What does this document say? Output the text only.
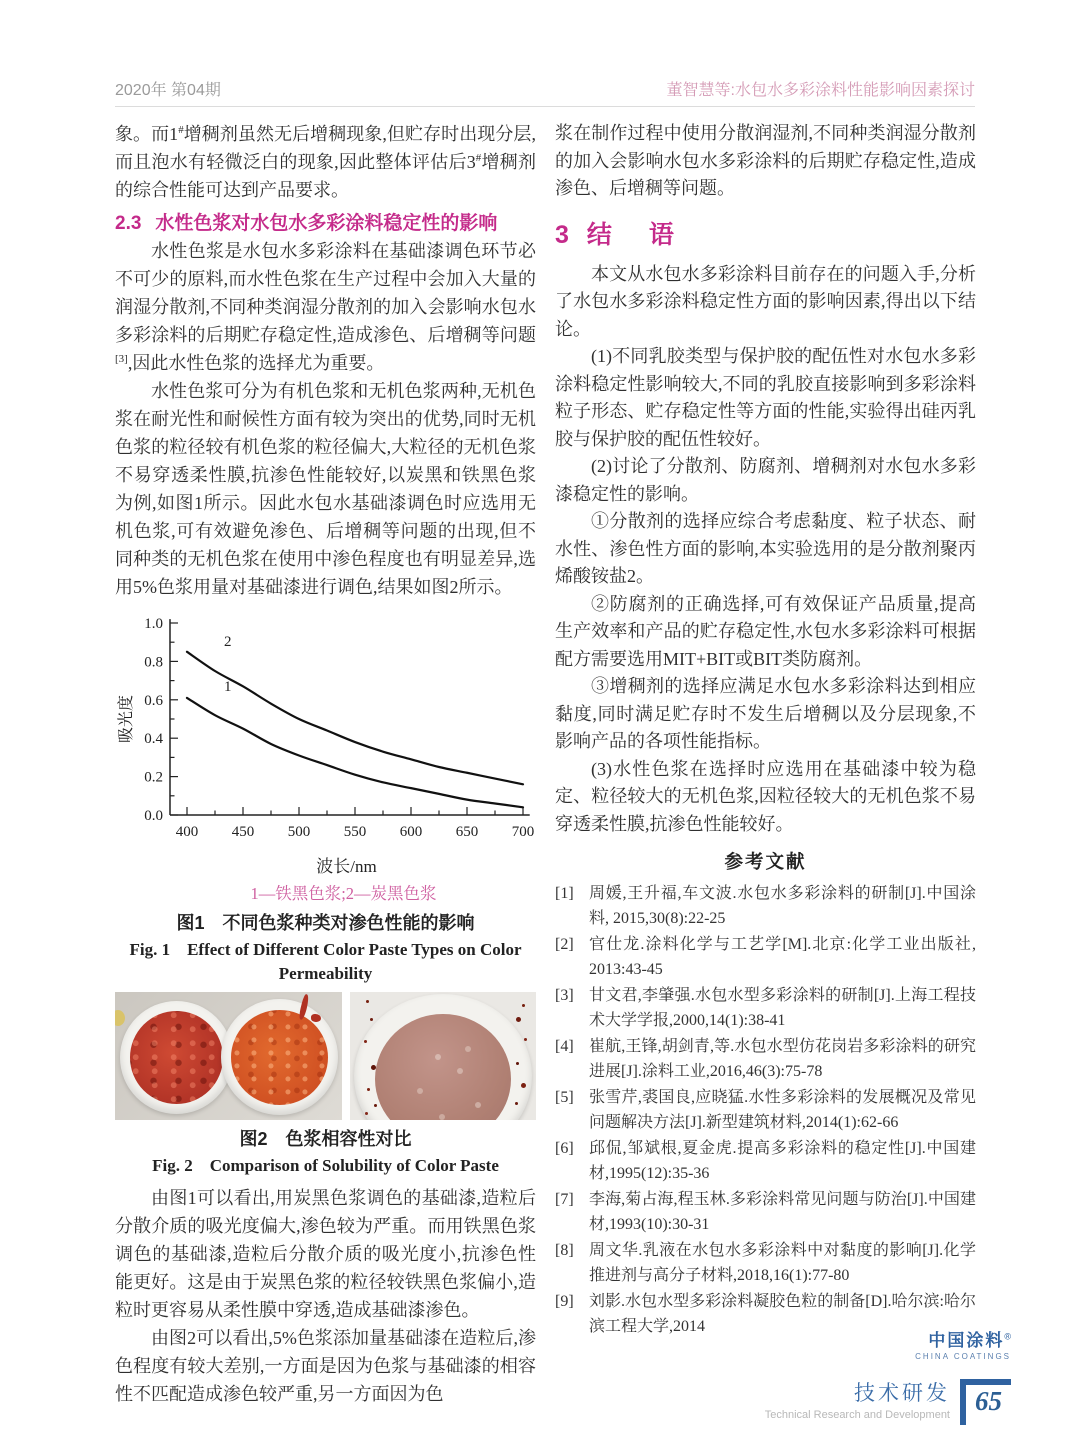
2020年 第04期	董智慧等:水包水多彩涂料性能影响因素探讨

象。而1#增稠剂虽然无后增稠现象,但贮存时出现分层,而且泡水有轻微泛白的现象,因此整体评估后3#增稠剂的综合性能可达到产品要求。

2.3 水性色浆对水包水多彩涂料稳定性的影响

水性色浆是水包水多彩涂料在基础漆调色环节必不可少的原料,而水性色浆在生产过程中会加入大量的润湿分散剂,不同种类润湿分散剂的加入会影响水包水多彩涂料的后期贮存稳定性,造成渗色、后增稠等问题[3],因此水性色浆的选择尤为重要。

水性色浆可分为有机色浆和无机色浆两种,无机色浆在耐光性和耐候性方面有较为突出的优势,同时无机色浆的粒径较有机色浆的粒径偏大,大粒径的无机色浆不易穿透柔性膜,抗渗色性能较好,以炭黑和铁黑色浆为例,如图1所示。因此水包水基础漆调色时应选用无机色浆,可有效避免渗色、后增稠等问题的出现,但不同种类的无机色浆在使用中渗色程度也有明显差异,选用5%色浆用量对基础漆进行调色,结果如图2所示。

0.0
0.2
0.4
0.6
0.8
1.0
400 450 500 550 600 650 700
吸光度
2
1
波长/nm
1—铁黑色浆;2—炭黑色浆
图1　不同色浆种类对渗色性能的影响
Fig. 1　Effect of Different Color Paste Types on Color Permeability
图2　色浆相容性对比
Fig. 2　Comparison of Solubility of Color Paste

由图1可以看出,用炭黑色浆调色的基础漆,造粒后分散介质的吸光度偏大,渗色较为严重。而用铁黑色浆调色的基础漆,造粒后分散介质的吸光度小,抗渗色性能更好。这是由于炭黑色浆的粒径较铁黑色浆偏小,造粒时更容易从柔性膜中穿透,造成基础漆渗色。

由图2可以看出,5%色浆添加量基础漆在造粒后,渗色程度有较大差别,一方面是因为色浆与基础漆的相容性不匹配造成渗色较严重,另一方面因为色

浆在制作过程中使用分散润湿剂,不同种类润湿分散剂的加入会影响水包水多彩涂料的后期贮存稳定性,造成渗色、后增稠等问题。

3 结　语

本文从水包水多彩涂料目前存在的问题入手,分析了水包水多彩涂料稳定性方面的影响因素,得出以下结论。

(1)不同乳胶类型与保护胶的配伍性对水包水多彩涂料稳定性影响较大,不同的乳胶直接影响到多彩涂料粒子形态、贮存稳定性等方面的性能,实验得出硅丙乳胶与保护胶的配伍性较好。

(2)讨论了分散剂、防腐剂、增稠剂对水包水多彩漆稳定性的影响。

①分散剂的选择应综合考虑黏度、粒子状态、耐水性、渗色性方面的影响,本实验选用的是分散剂聚丙烯酸铵盐2。

②防腐剂的正确选择,可有效保证产品质量,提高生产效率和产品的贮存稳定性,水包水多彩涂料可根据配方需要选用MIT+BIT或BIT类防腐剂。

③增稠剂的选择应满足水包水多彩涂料达到相应黏度,同时满足贮存时不发生后增稠以及分层现象,不影响产品的各项性能指标。

(3)水性色浆在选择时应选用在基础漆中较为稳定、粒径较大的无机色浆,因粒径较大的无机色浆不易穿透柔性膜,抗渗色性能较好。

参考文献
[1] 周媛,王升福,车文波.水包水多彩涂料的研制[J].中国涂料, 2015,30(8):22-25
[2] 官仕龙.涂料化学与工艺学[M].北京:化学工业出版社, 2013:43-45
[3] 甘文君,李肇强.水包水型多彩涂料的研制[J].上海工程技术大学学报,2000,14(1):38-41
[4] 崔航,王锋,胡剑青,等.水包水型仿花岗岩多彩涂料的研究进展[J].涂料工业,2016,46(3):75-78
[5] 张雪芹,裘国良,应晓猛.水性多彩涂料的发展概况及常见问题解决方法[J].新型建筑材料,2014(1):62-66
[6] 邱侃,邹斌根,夏金虎.提高多彩涂料的稳定性[J].中国建材,1995(12):35-36
[7] 李海,菊占海,程玉林.多彩涂料常见问题与防治[J].中国建材,1993(10):30-31
[8] 周文华.乳液在水包水多彩涂料中对黏度的影响[J].化学推进剂与高分子材料,2018,16(1):77-80
[9] 刘影.水包水型多彩涂料凝胶色粒的制备[D].哈尔滨:哈尔滨工程大学,2014
中国涂料®
CHINA COATINGS
技术研发
Technical Research and Development 65
